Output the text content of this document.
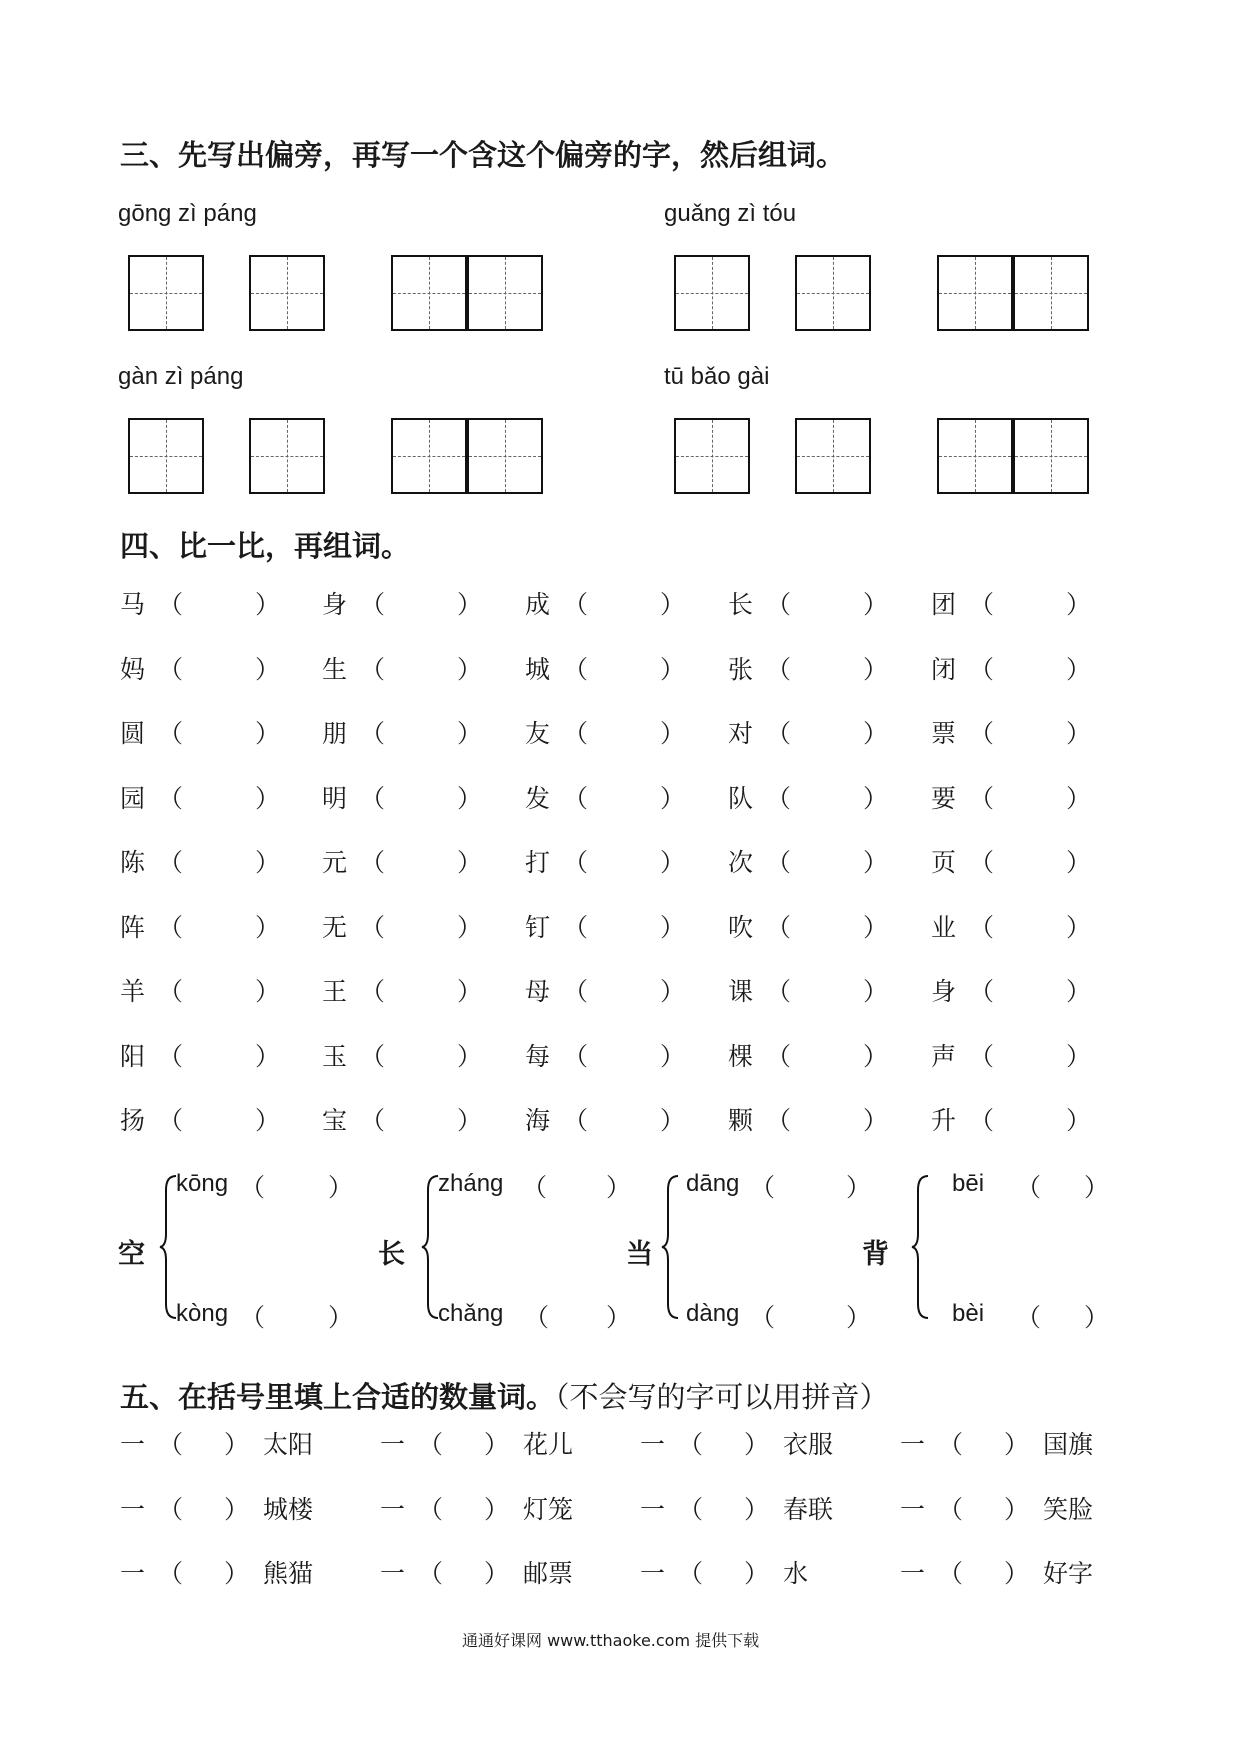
三、先写出偏旁，再写一个含这个偏旁的字，然后组词。
gōng zì páng	guǎng zì tóu
gàn zì páng	tū bǎo gài
四、比一比，再组词。
马 （	） 身 （	） 成 （	） 长 （	） 团 （	）
妈 （	） 生 （	） 城 （	） 张 （	） 闭 （	）
圆 （	） 朋 （	） 友 （	） 对 （	） 票 （	）
园 （	） 明 （	） 发 （	） 队 （	） 要 （	）
陈 （	） 元 （	） 打 （	） 次 （	） 页 （	）
阵 （	） 无 （	） 钉 （	） 吹 （	） 业 （	）
羊 （	） 王 （	） 母 （	） 课 （	） 身 （	）
阳 （	） 玉 （	） 每 （	） 棵 （	） 声 （	）
扬 （	） 宝 （	） 海 （	） 颗 （	） 升 （	）
空
kōng （	）
kòng （	）
长
zháng （ ）
chǎng （ ）
当
dāng （	）
dàng （	）
背
bēi （ ）
bèi （ ）
五、在括号里填上合适的数量词。（不会写的字可以用拼音）
一 （ ） 太阳	一 （ ） 花儿	一 （ ） 衣服	一 （ ） 国旗
一 （ ） 城楼	一 （ ） 灯笼	一 （ ） 春联	一 （ ） 笑脸
一 （ ） 熊猫	一 （ ） 邮票	一 （ ） 水	一 （ ） 好字
通通好课网 www.tthaoke.com 提供下载
